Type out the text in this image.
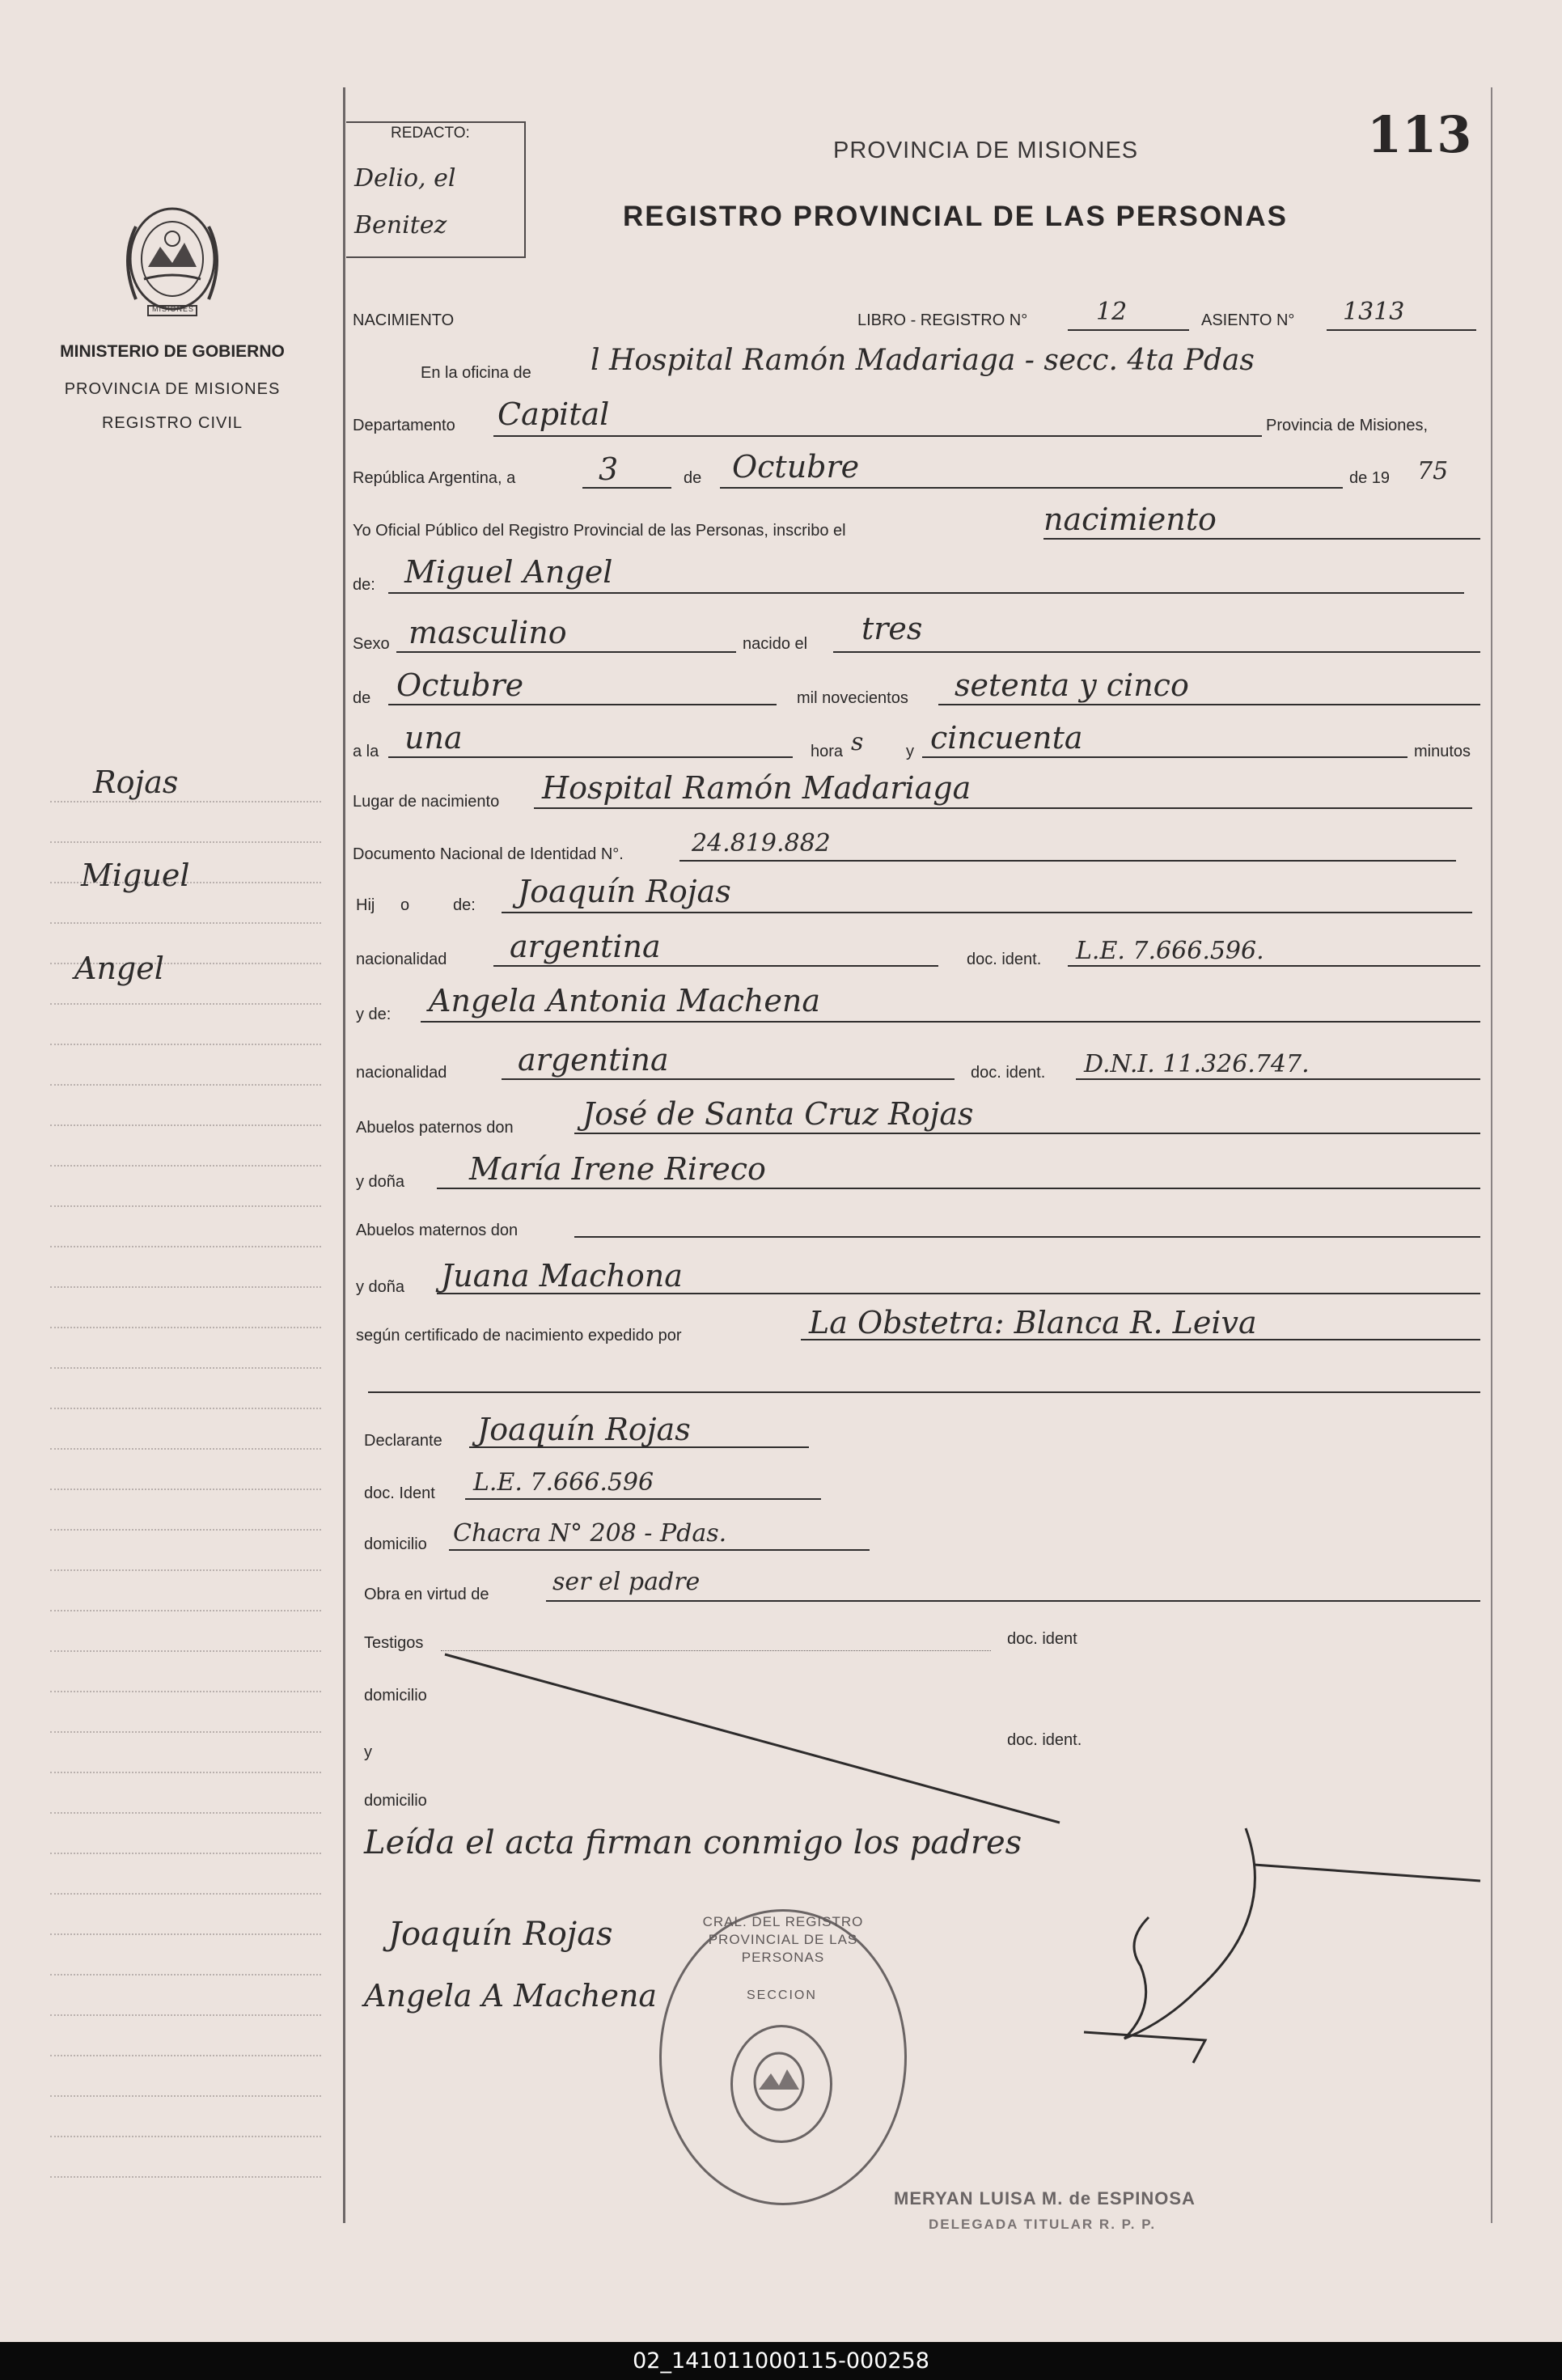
REDACTO:
Delio, el Benitez
PROVINCIA DE MISIONES
REGISTRO PROVINCIAL DE LAS PERSONAS
113
MISIONES
MINISTERIO DE GOBIERNO
PROVINCIA DE MISIONES
REGISTRO CIVIL
Rojas
Miguel
Angel
NACIMIENTO	LIBRO - REGISTRO N°	12	ASIENTO N° 1313
En la oficina de l Hospital Ramón Madariaga - secc. 4ta Pdas
Departamento Capital	Provincia de Misiones,
República Argentina, a	3	de Octubre	de 19 75
Yo Oficial Público del Registro Provincial de las Personas, inscribo el	nacimiento
de: Miguel Angel
Sexo masculino	nacido el tres
de Octubre	mil novecientos setenta y cinco
a la una	hora s	y cincuenta	minutos
Lugar de nacimiento Hospital Ramón Madariaga
Documento Nacional de Identidad N°.	24.819.882
Hij o	de: Joaquín Rojas
nacionalidad argentina	doc. ident. L.E. 7.666.596.
y de: Angela Antonia Machena
nacionalidad argentina	doc. ident. D.N.I. 11.326.747.
Abuelos paternos don José de Santa Cruz Rojas
y doña María Irene Rireco
Abuelos maternos don
y doña Juana Machona
según certificado de nacimiento expedido por	La Obstetra: Blanca R. Leiva
Declarante Joaquín Rojas
doc. Ident L.E. 7.666.596
domicilio Chacra N° 208 - Pdas.
Obra en virtud de	ser el padre
Testigos	doc. ident
domicilio
y
doc. ident.
domicilio
Leída el acta firman conmigo los padres
Joaquín Rojas
Angela A Machena
CRAL. DEL REGISTRO PROVINCIAL DE LAS PERSONAS
SECCION
MERYAN LUISA M. de ESPINOSA
DELEGADA TITULAR R. P. P.
02_141011000115-000258
